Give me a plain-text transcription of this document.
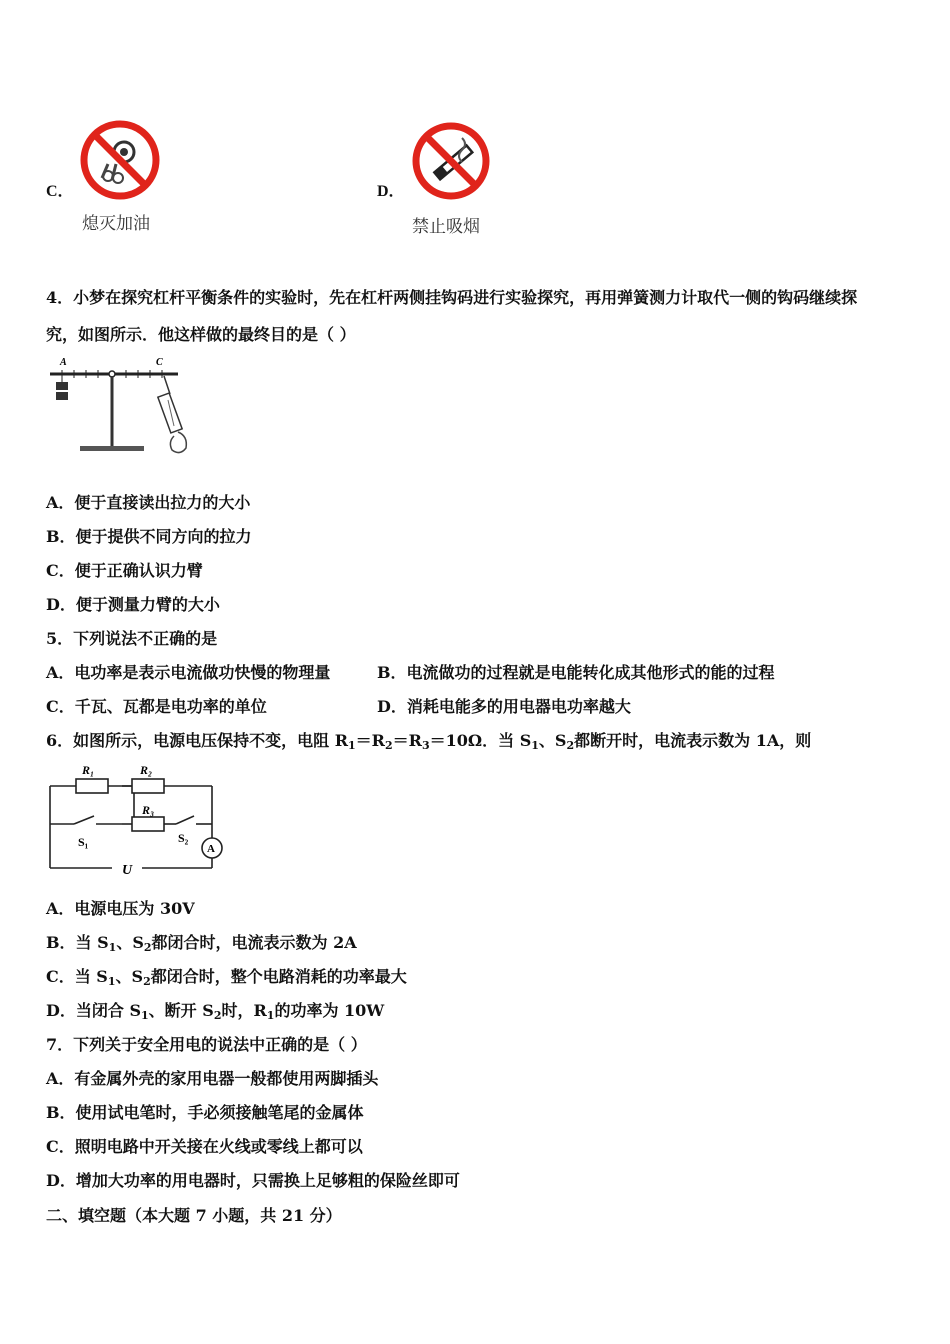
C．
熄灭加油
D．
禁止吸烟
4．小梦在探究杠杆平衡条件的实验时，先在杠杆两侧挂钩码进行实验探究，再用弹簧测力计取代一侧的钩码继续探
究，如图所示．他这样做的最终目的是（ ）
A	C
A．便于直接读出拉力的大小
B．便于提供不同方向的拉力
C．便于正确认识力臂
D．便于测量力臂的大小
5．下列说法不正确的是
A．电功率是表示电流做功快慢的物理量	B．电流做功的过程就是电能转化成其他形式的能的过程
C．千瓦、瓦都是电功率的单位	D．消耗电能多的用电器电功率越大
6．如图所示，电源电压保持不变，电阻 $R_1=R_2=R_3=10\Omega$．当 $S_1$、$S_2$都断开时，电流表示数为 1A，则
R₁	R₂
R₃
S₁	S₂
A
U
A．电源电压为 30V
B．当 $S_1$、$S_2$都闭合时，电流表示数为 2A
C．当 $S_1$、$S_2$都闭合时，整个电路消耗的功率最大
D．当闭合 $S_1$、断开 $S_2$时，$R_1$的功率为 10W
7．下列关于安全用电的说法中正确的是（ ）
A．有金属外壳的家用电器一般都使用两脚插头
B．使用试电笔时，手必须接触笔尾的金属体
C．照明电路中开关接在火线或零线上都可以
D．增加大功率的用电器时，只需换上足够粗的保险丝即可
二、填空题（本大题 7 小题，共 21 分）
